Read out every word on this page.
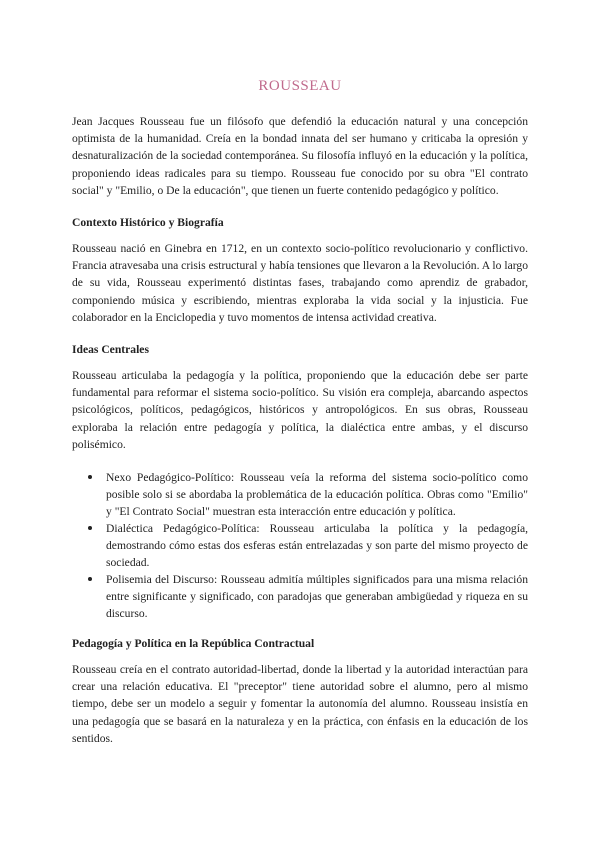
ROUSSEAU

Jean Jacques Rousseau fue un filósofo que defendió la educación natural y una concepción optimista de la humanidad. Creía en la bondad innata del ser humano y criticaba la opresión y desnaturalización de la sociedad contemporánea. Su filosofía influyó en la educación y la política, proponiendo ideas radicales para su tiempo. Rousseau fue conocido por su obra "El contrato social" y "Emilio, o De la educación", que tienen un fuerte contenido pedagógico y político.

Contexto Histórico y Biografía

Rousseau nació en Ginebra en 1712, en un contexto socio-político revolucionario y conflictivo. Francia atravesaba una crisis estructural y había tensiones que llevaron a la Revolución. A lo largo de su vida, Rousseau experimentó distintas fases, trabajando como aprendiz de grabador, componiendo música y escribiendo, mientras exploraba la vida social y la injusticia. Fue colaborador en la Enciclopedia y tuvo momentos de intensa actividad creativa.

Ideas Centrales

Rousseau articulaba la pedagogía y la política, proponiendo que la educación debe ser parte fundamental para reformar el sistema socio-político. Su visión era compleja, abarcando aspectos psicológicos, políticos, pedagógicos, históricos y antropológicos. En sus obras, Rousseau exploraba la relación entre pedagogía y política, la dialéctica entre ambas, y el discurso polisémico.

Nexo Pedagógico-Político: Rousseau veía la reforma del sistema socio-político como posible solo si se abordaba la problemática de la educación política. Obras como "Emilio" y "El Contrato Social" muestran esta interacción entre educación y política.
Dialéctica Pedagógico-Política: Rousseau articulaba la política y la pedagogía, demostrando cómo estas dos esferas están entrelazadas y son parte del mismo proyecto de sociedad.
Polisemia del Discurso: Rousseau admitía múltiples significados para una misma relación entre significante y significado, con paradojas que generaban ambigüedad y riqueza en su discurso.
Pedagogía y Política en la República Contractual

Rousseau creía en el contrato autoridad-libertad, donde la libertad y la autoridad interactúan para crear una relación educativa. El "preceptor" tiene autoridad sobre el alumno, pero al mismo tiempo, debe ser un modelo a seguir y fomentar la autonomía del alumno. Rousseau insistía en una pedagogía que se basará en la naturaleza y en la práctica, con énfasis en la educación de los sentidos.
